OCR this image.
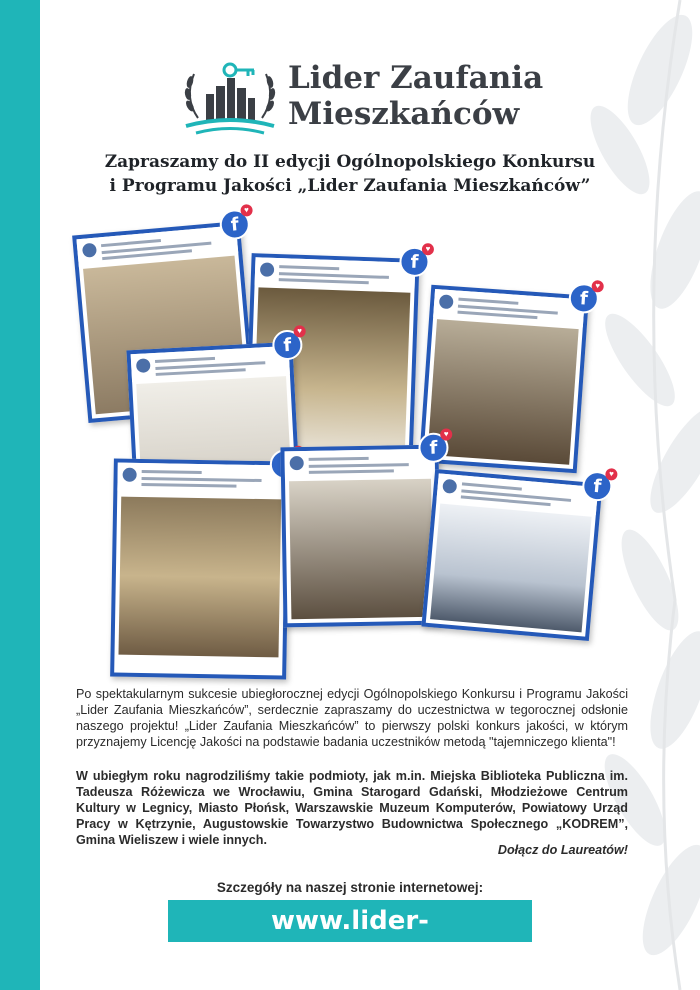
Lider Zaufania
Mieszkańców
Zapraszamy do II edycji Ogólnopolskiego Konkursu
i Programu Jakości „Lider Zaufania Mieszkańców”
f
♥
f
♥
f
♥
f
♥
f
♥
f
♥
Po spektakularnym sukcesie ubiegłorocznej edycji Ogólnopolskiego Konkursu i Programu Jakości „Lider Zaufania Mieszkańców”, serdecznie zapraszamy do uczestnictwa w tegorocznej odsłonie naszego projektu! „Lider Zaufania Mieszkańców” to pierwszy polski konkurs jakości, w którym przyznajemy Licencję Jakości na podstawie badania uczestników metodą "tajemniczego klienta"!
W ubiegłym roku nagrodziliśmy takie podmioty, jak m.in. Miejska Biblioteka Publiczna im. Tadeusza Różewicza we Wrocławiu, Gmina Starogard Gdański, Młodzieżowe Centrum Kultury w Legnicy, Miasto Płońsk, Warszawskie Muzeum Komputerów, Powiatowy Urząd Pracy w Kętrzynie, Augustowskie Towarzystwo Budownictwa Społecznego „KODREM”, Gmina Wieliszew i wiele innych.
Dołącz do Laureatów!
Szczegóły na naszej stronie internetowej:
www.lider-mieszkancow.pl
